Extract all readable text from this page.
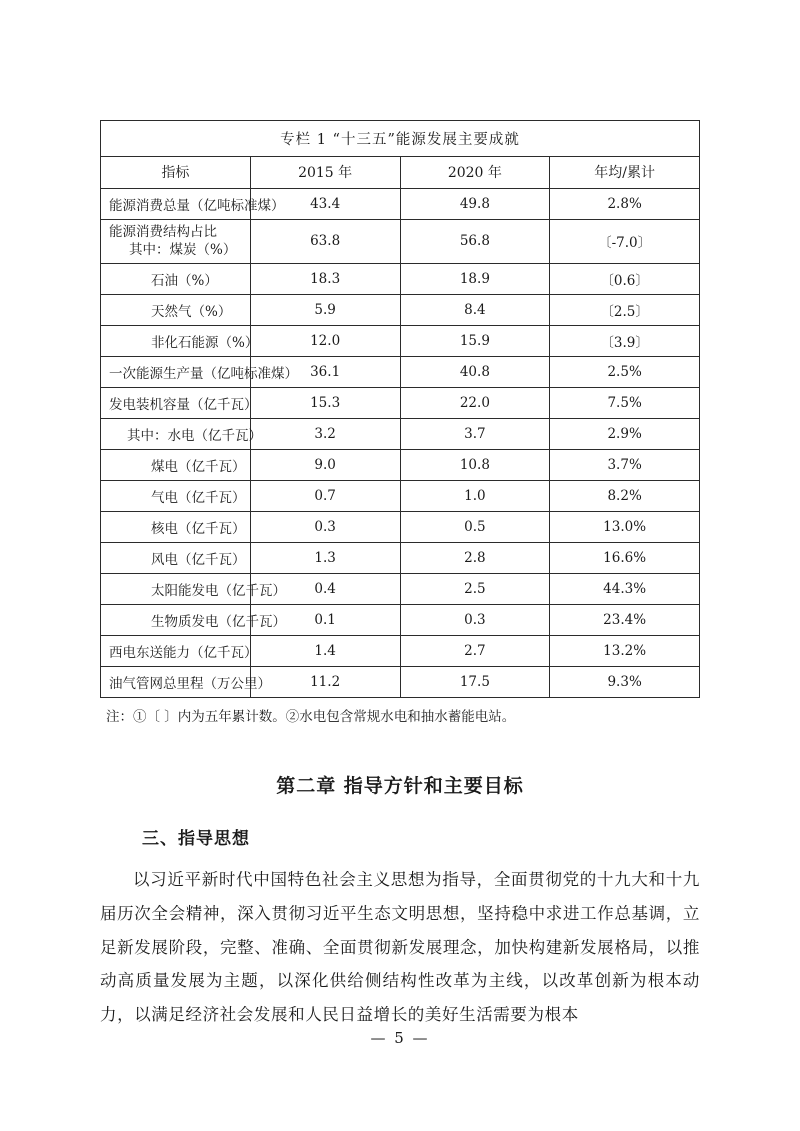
专栏 1 “十三五”能源发展主要成就			
指标	2015 年	2020 年	年均/累计
能源消费总量（亿吨标准煤）	43.4	49.8	2.8%
能源消费结构占比
其中：煤炭（%）	63.8	56.8	〔-7.0〕
石油（%）	18.3	18.9	〔0.6〕
天然气（%）	5.9	8.4	〔2.5〕
非化石能源（%）	12.0	15.9	〔3.9〕
一次能源生产量（亿吨标准煤）	36.1	40.8	2.5%
发电装机容量（亿千瓦）	15.3	22.0	7.5%
其中：水电（亿千瓦）	3.2	3.7	2.9%
煤电（亿千瓦）	9.0	10.8	3.7%
气电（亿千瓦）	0.7	1.0	8.2%
核电（亿千瓦）	0.3	0.5	13.0%
风电（亿千瓦）	1.3	2.8	16.6%
太阳能发电（亿千瓦）	0.4	2.5	44.3%
生物质发电（亿千瓦）	0.1	0.3	23.4%
西电东送能力（亿千瓦）	1.4	2.7	13.2%
油气管网总里程（万公里）	11.2	17.5	9.3%
注：①〔 〕内为五年累计数。②水电包含常规水电和抽水蓄能电站。
第二章 指导方针和主要目标
三、指导思想

以习近平新时代中国特色社会主义思想为指导，全面贯彻党的十九大和十九届历次全会精神，深入贯彻习近平生态文明思想，坚持稳中求进工作总基调，立足新发展阶段，完整、准确、全面贯彻新发展理念，加快构建新发展格局，以推动高质量发展为主题，以深化供给侧结构性改革为主线，以改革创新为根本动力，以满足经济社会发展和人民日益增长的美好生活需要为根本

— 5 —
